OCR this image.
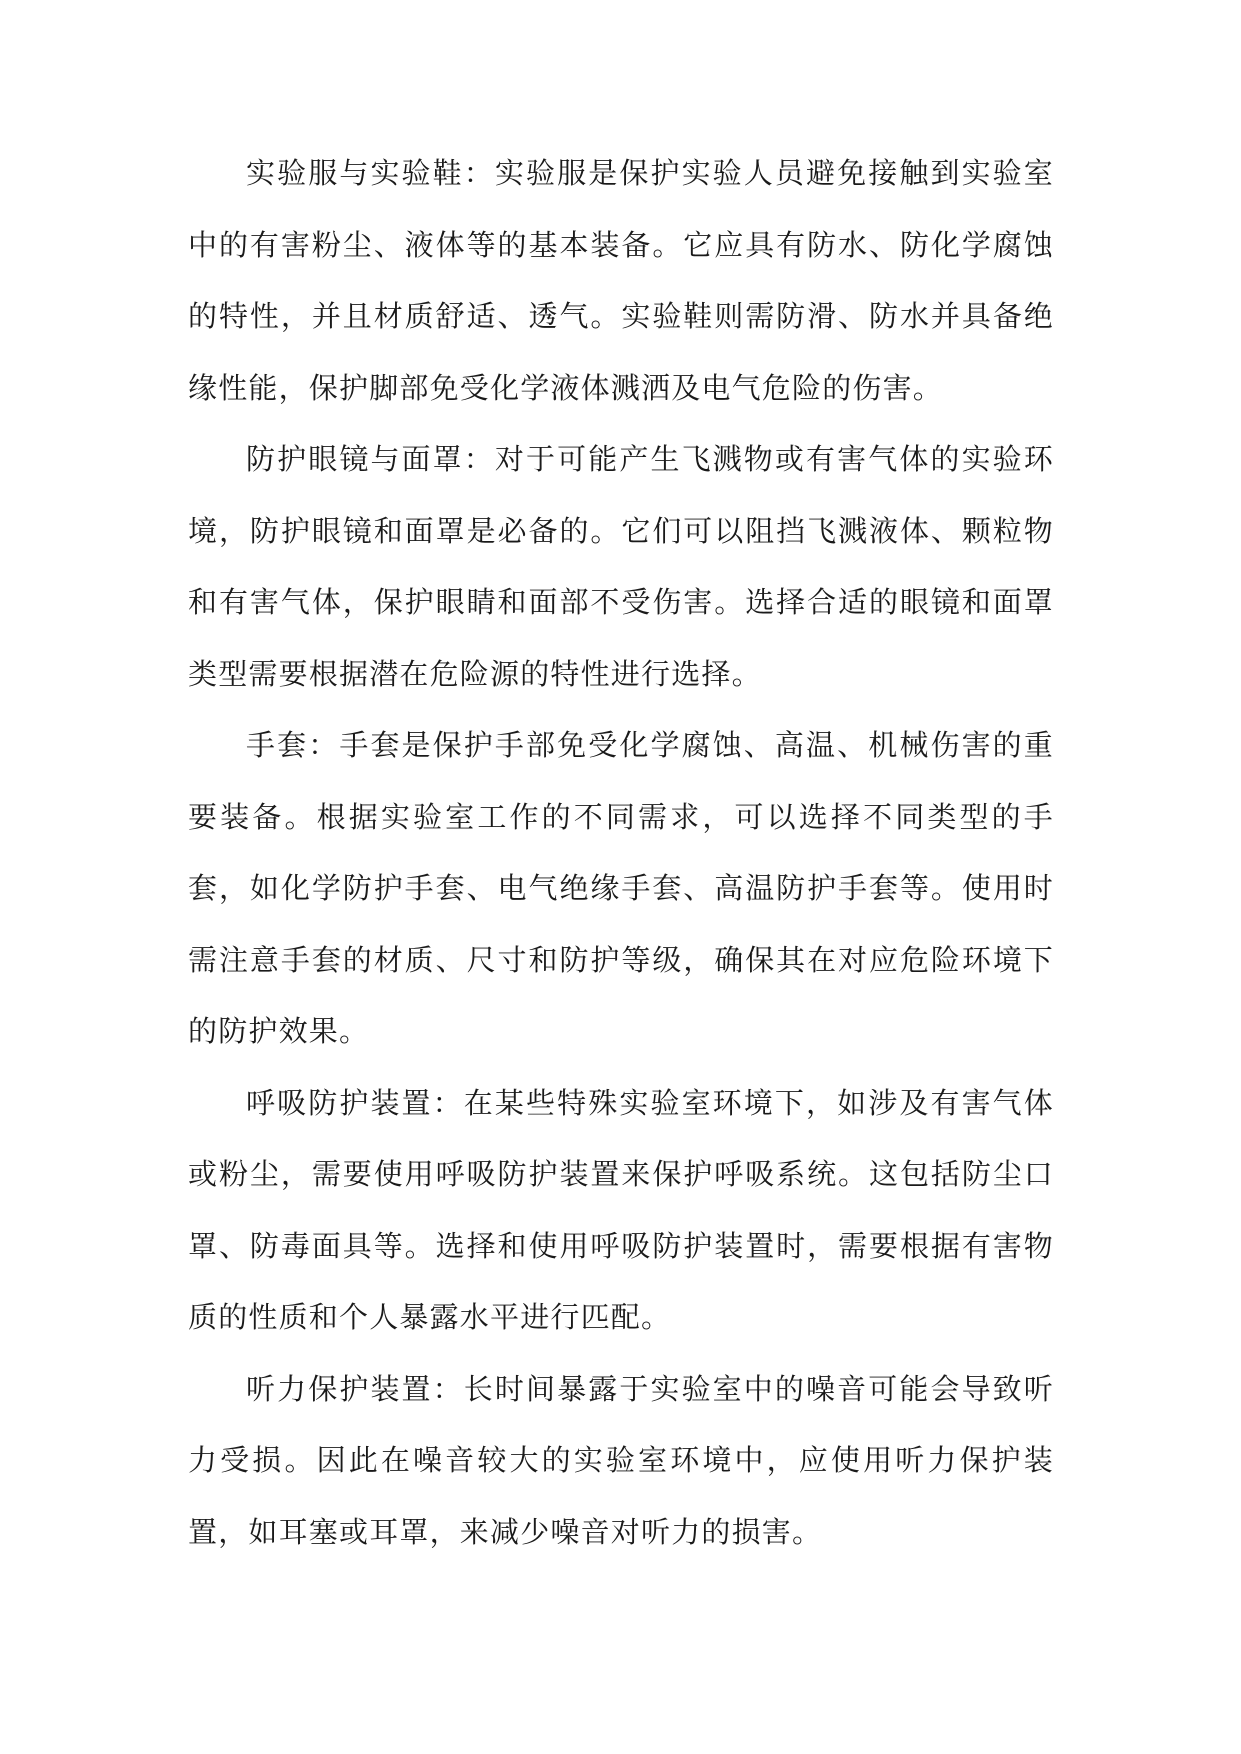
实验服与实验鞋：实验服是保护实验人员避免接触到实验室中的有害粉尘、液体等的基本装备。它应具有防水、防化学腐蚀的特性，并且材质舒适、透气。实验鞋则需防滑、防水并具备绝缘性能，保护脚部免受化学液体溅洒及电气危险的伤害。

防护眼镜与面罩：对于可能产生飞溅物或有害气体的实验环境，防护眼镜和面罩是必备的。它们可以阻挡飞溅液体、颗粒物和有害气体，保护眼睛和面部不受伤害。选择合适的眼镜和面罩类型需要根据潜在危险源的特性进行选择。

手套：手套是保护手部免受化学腐蚀、高温、机械伤害的重要装备。根据实验室工作的不同需求，可以选择不同类型的手套，如化学防护手套、电气绝缘手套、高温防护手套等。使用时需注意手套的材质、尺寸和防护等级，确保其在对应危险环境下的防护效果。

呼吸防护装置：在某些特殊实验室环境下，如涉及有害气体或粉尘，需要使用呼吸防护装置来保护呼吸系统。这包括防尘口罩、防毒面具等。选择和使用呼吸防护装置时，需要根据有害物质的性质和个人暴露水平进行匹配。

听力保护装置：长时间暴露于实验室中的噪音可能会导致听力受损。因此在噪音较大的实验室环境中，应使用听力保护装置，如耳塞或耳罩，来减少噪音对听力的损害。
